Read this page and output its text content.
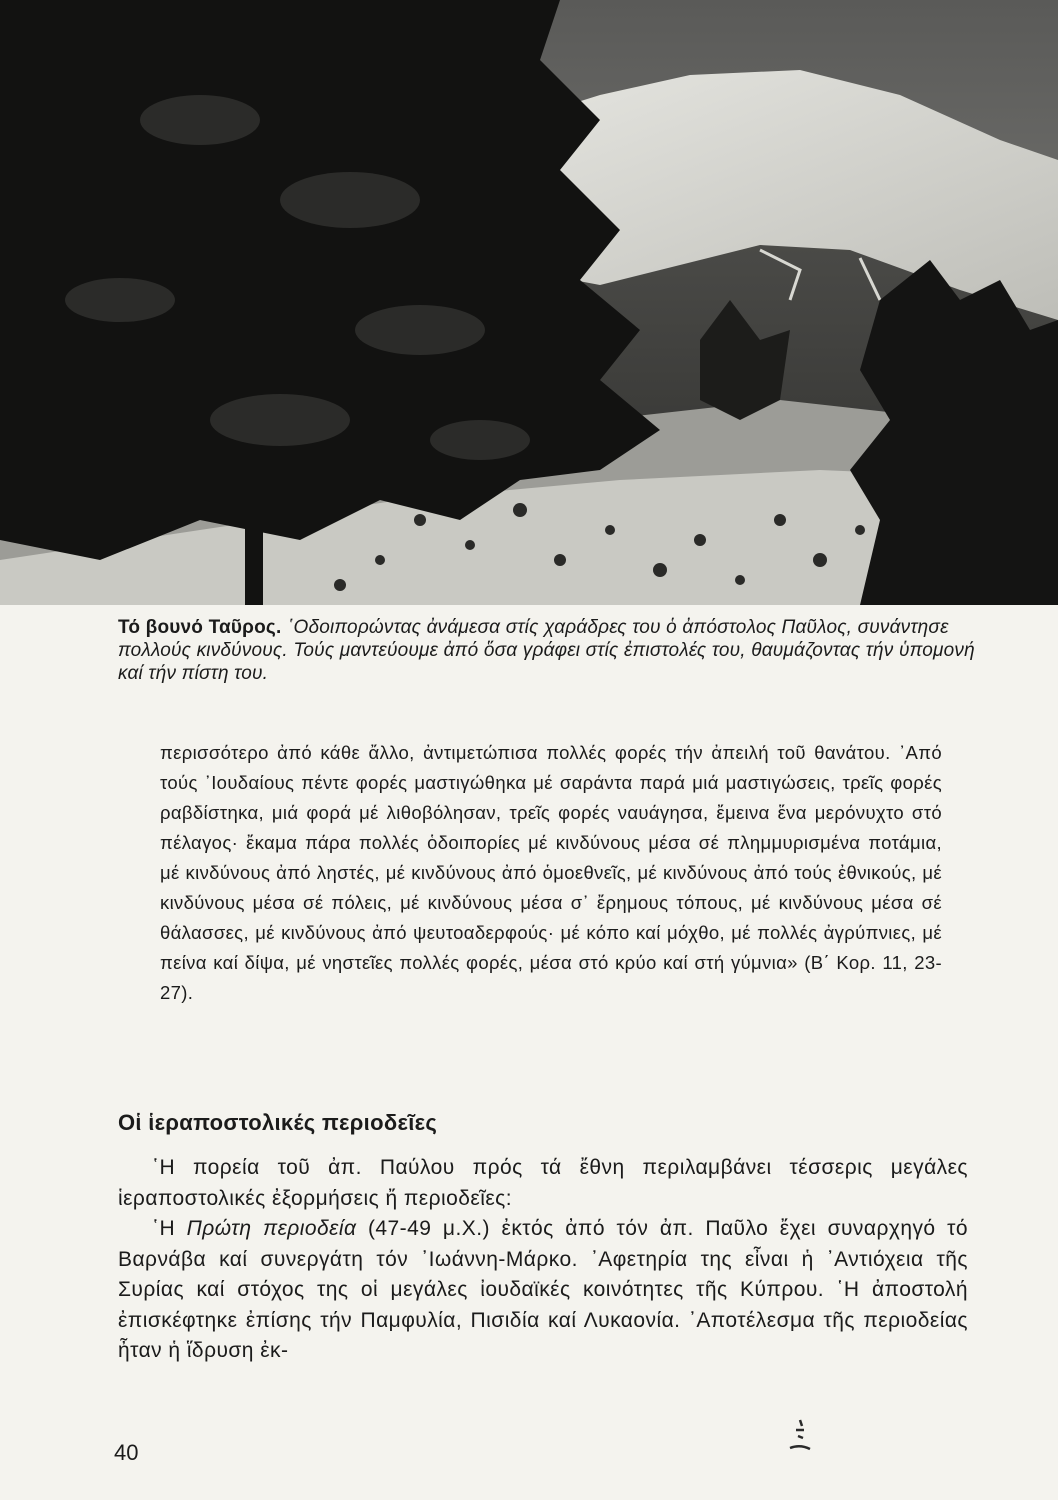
Τό βουνό Ταῦρος. ῾Οδοιπορώντας ἀνάμεσα στίς χαράδρες του ὁ ἀπόστολος Παῦλος, συνάντησε πολλούς κινδύνους. Τούς μαντεύουμε ἀπό ὅσα γράφει στίς ἐπιστολές του, θαυμάζοντας τήν ὑπομονή καί τήν πίστη του.
περισσότερο ἀπό κάθε ἄλλο, ἀντιμετώπισα πολλές φορές τήν ἀπειλή τοῦ θανάτου. ᾿Από τούς ᾿Ιουδαίους πέντε φορές μαστιγώθηκα μέ σαράντα παρά μιά μαστιγώσεις, τρεῖς φορές ραβδίστηκα, μιά φορά μέ λιθοβόλησαν, τρεῖς φορές ναυάγησα, ἔμεινα ἕνα μερόνυχτο στό πέλαγος· ἔκαμα πάρα πολλές ὁδοιπορίες μέ κινδύνους μέσα σέ πλημμυρισμένα ποτάμια, μέ κινδύνους ἀπό ληστές, μέ κινδύνους ἀπό ὁμοεθνεῖς, μέ κινδύνους ἀπό τούς ἐθνικούς, μέ κινδύνους μέσα σέ πόλεις, μέ κινδύνους μέσα σ᾿ ἔρημους τόπους, μέ κινδύνους μέσα σέ θάλασσες, μέ κινδύνους ἀπό ψευτοαδερφούς· μέ κόπο καί μόχθο, μέ πολλές ἀγρύπνιες, μέ πείνα καί δίψα, μέ νηστεῖες πολλές φορές, μέσα στό κρύο καί στή γύμνια» (Β΄ Κορ. 11, 23-27).
Οἱ ἱεραποστολικές περιοδεῖες

῾Η πορεία τοῦ ἀπ. Παύλου πρός τά ἔθνη περιλαμβάνει τέσσερις μεγάλες ἱεραποστολικές ἐξορμήσεις ἤ περιοδεῖες:

῾Η Πρώτη περιοδεία (47-49 μ.Χ.) ἐκτός ἀπό τόν ἀπ. Παῦλο ἔχει συναρχηγό τό Βαρνάβα καί συνεργάτη τόν ᾿Ιωάννη-Μάρκο. ᾿Αφετηρία της εἶναι ἡ ᾿Αντιόχεια τῆς Συρίας καί στόχος της οἱ μεγάλες ἰουδαϊκές κοινότητες τῆς Κύπρου. ῾Η ἀποστολή ἐπισκέφτηκε ἐπίσης τήν Παμφυλία, Πισιδία καί Λυκαονία. ᾿Αποτέλεσμα τῆς περιοδείας ἦταν ἡ ἵδρυση ἐκ-

40
